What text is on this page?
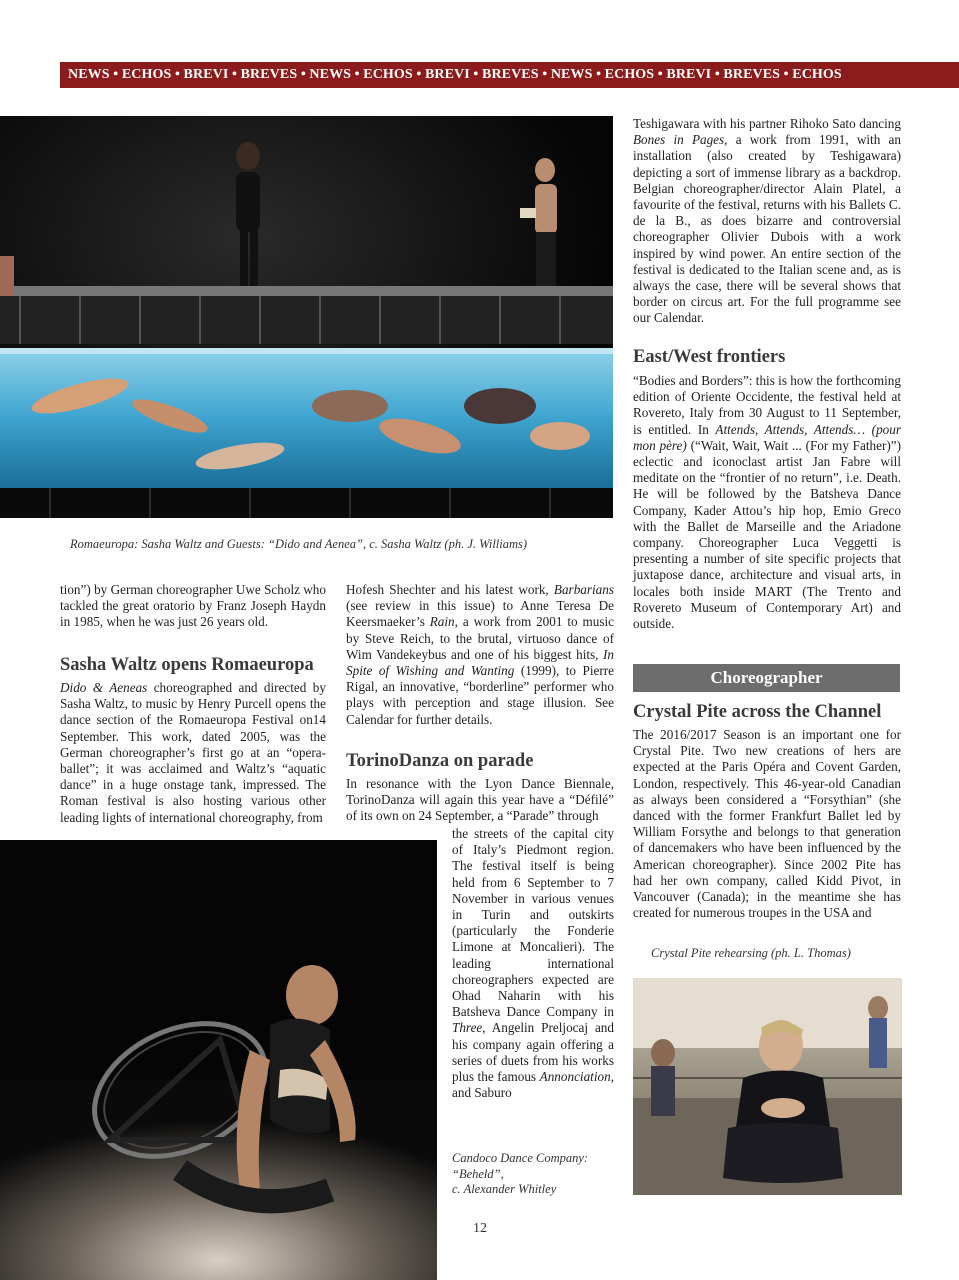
NEWS • ECHOS • BREVI • BREVES • NEWS • ECHOS • BREVI • BREVES • NEWS • ECHOS • BREVI • BREVES • ECHOS
Romaeuropa: Sasha Waltz and Guests: “Dido and Aenea”, c. Sasha Waltz (ph. J. Williams)
tion”) by German choreographer Uwe Scholz who tackled the great oratorio by Franz Joseph Haydn in 1985, when he was just 26 years old.
Sasha Waltz opens Romaeuropa

Dido & Aeneas choreographed and directed by Sasha Waltz, to music by Henry Purcell opens the dance section of the Romaeuropa Festival on14 September. This work, dated 2005, was the German choreographer’s first go at an “opera-ballet”; it was acclaimed and Waltz’s “aquatic dance” in a huge onstage tank, impressed. The Roman festival is also hosting various other leading lights of international choreography, from

Hofesh Shechter and his latest work, Barbarians (see review in this issue) to Anne Teresa De Keersmaeker’s Rain, a work from 2001 to music by Steve Reich, to the brutal, virtuoso dance of Wim Vandekeybus and one of his biggest hits, In Spite of Wishing and Wanting (1999), to Pierre Rigal, an innovative, “borderline” performer who plays with perception and stage illusion. See Calendar for further details.

TorinoDanza on parade
In resonance with the Lyon Dance Biennale, TorinoDanza will again this year have a “Défilé” of its own on 24 September, a “Parade” through

the streets of the capital city of Italy’s Piedmont region. The festival itself is being held from 6 September to 7 November in various venues in Turin and outskirts (particularly the Fonderie Limone at Moncalieri). The leading international choreographers expected are Ohad Naharin with his Batsheva Dance Company in Three, Angelin Preljocaj and his company again offering a series of duets from his works plus the famous Annonciation, and Saburo

Candoco Dance Company:
“Beheld”,
c. Alexander Whitley

Teshigawara with his partner Rihoko Sato dancing Bones in Pages, a work from 1991, with an installation (also created by Teshigawara) depicting a sort of immense library as a backdrop. Belgian choreographer/director Alain Platel, a favourite of the festival, returns with his Ballets C. de la B., as does bizarre and controversial choreographer Olivier Dubois with a work inspired by wind power. An entire section of the festival is dedicated to the Italian scene and, as is always the case, there will be several shows that border on circus art. For the full programme see our Calendar.

East/West frontiers

“Bodies and Borders”: this is how the forthcoming edition of Oriente Occidente, the festival held at Rovereto, Italy from 30 August to 11 September, is entitled. In Attends, Attends, Attends… (pour mon père) (“Wait, Wait, Wait ... (For my Father)”) eclectic and iconoclast artist Jan Fabre will meditate on the “frontier of no return”, i.e. Death. He will be followed by the Batsheva Dance Company, Kader Attou’s hip hop, Emio Greco with the Ballet de Marseille and the Ariadone company. Choreographer Luca Veggetti is presenting a number of site specific projects that juxtapose dance, architecture and visual arts, in locales both inside MART (The Trento and Rovereto Museum of Contemporary Art) and outside.

Choreographer
Crystal Pite across the Channel
The 2016/2017 Season is an important one for Crystal Pite. Two new creations of hers are expected at the Paris Opéra and Covent Garden, London, respectively. This 46-year-old Canadian as always been considered a “Forsythian” (she danced with the former Frankfurt Ballet led by William Forsythe and belongs to that generation of dancemakers who have been influenced by the American choreographer). Since 2002 Pite has had her own company, called Kidd Pivot, in Vancouver (Canada); in the meantime she has created for numerous troupes in the USA and
Crystal Pite rehearsing (ph. L. Thomas)
12
